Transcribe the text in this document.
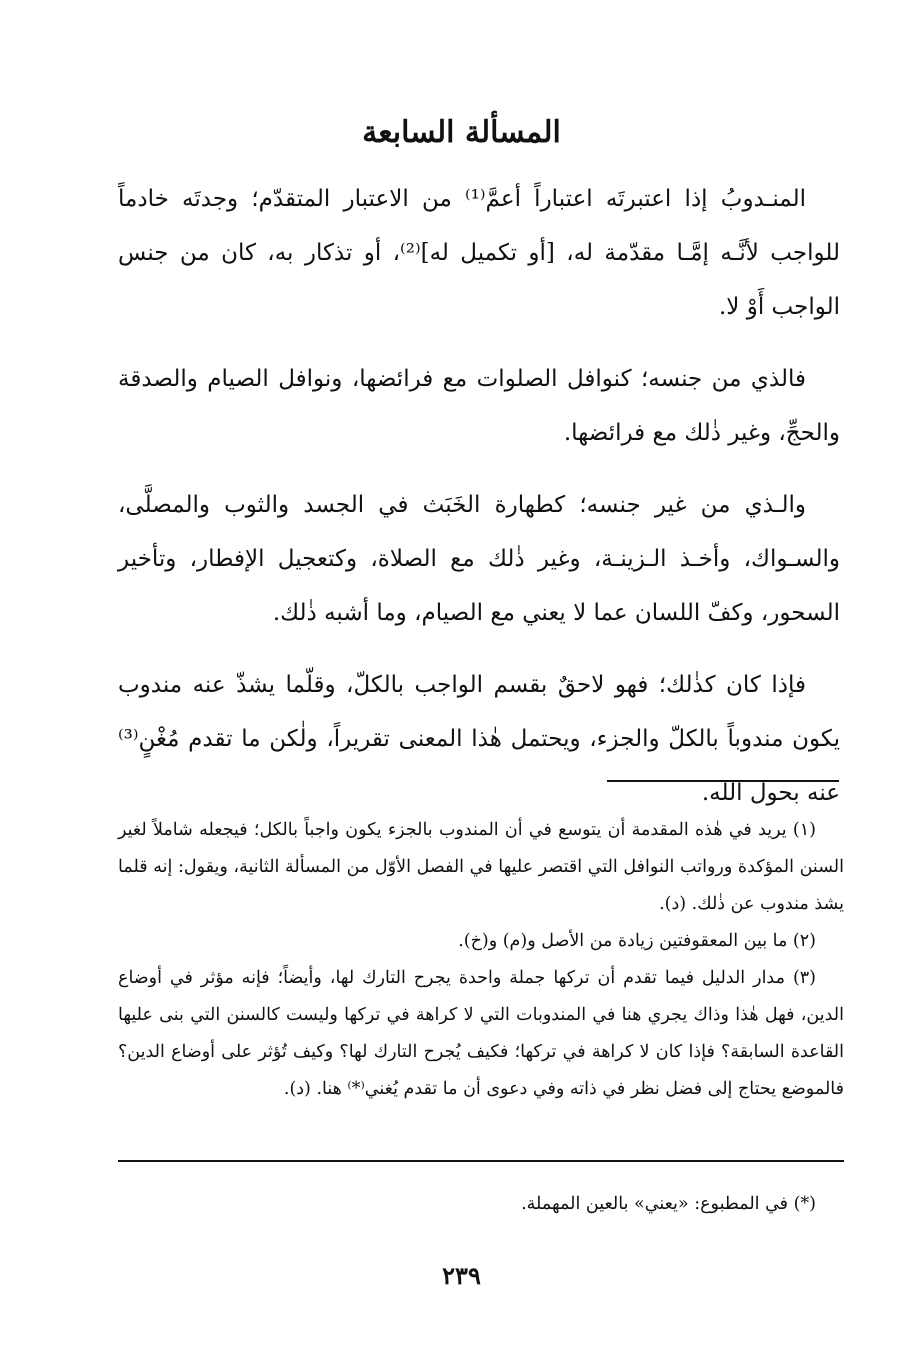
المسألة السابعة

المنـدوبُ إذا اعتبرتَه اعتباراً أعمَّ⁽¹⁾ من الاعتبار المتقدّم؛ وجدتَه خادماً للواجب لأنَّـه إمَّـا مقدّمة له، [أو تكميل له]⁽²⁾، أو تذكار به، كان من جنس الواجب أَوْ لا.

فالذي من جنسه؛ كنوافل الصلوات مع فرائضها، ونوافل الصيام والصدقة والحجِّ، وغير ذٰلك مع فرائضها.

والـذي من غير جنسه؛ كطهارة الخَبَث في الجسد والثوب والمصلَّى، والسـواك، وأخـذ الـزينـة، وغير ذٰلك مع الصلاة، وكتعجيل الإفطار، وتأخير السحور، وكفّ اللسان عما لا يعني مع الصيام، وما أشبه ذٰلك.

فإذا كان كذٰلك؛ فهو لاحقٌ بقسم الواجب بالكلّ، وقلّما يشذّ عنه مندوب يكون مندوباً بالكلّ والجزء، ويحتمل هٰذا المعنى تقريراً، ولٰكن ما تقدم مُغْنٍ⁽³⁾ عنه بحول الله.

(١) يريد في هٰذه المقدمة أن يتوسع في أن المندوب بالجزء يكون واجباً بالكل؛ فيجعله شاملاً لغير السنن المؤكدة ورواتب النوافل التي اقتصر عليها في الفصل الأوّل من المسألة الثانية، ويقول: إنه قلما يشذ مندوب عن ذٰلك. (د).

(٢) ما بين المعقوفتين زيادة من الأصل و(م) و(خ).

(٣) مدار الدليل فيما تقدم أن تركها جملة واحدة يجرح التارك لها، وأيضاً؛ فإنه مؤثر في أوضاع الدين، فهل هٰذا وذاك يجري هنا في المندوبات التي لا كراهة في تركها وليست كالسنن التي بنى عليها القاعدة السابقة؟ فإذا كان لا كراهة في تركها؛ فكيف يُجرح التارك لها؟ وكيف تُؤثر على أوضاع الدين؟ فالموضع يحتاج إلى فضل نظر في ذاته وفي دعوى أن ما تقدم يُغني⁽*⁾ هنا. (د).

(*) في المطبوع: «يعني» بالعين المهملة.

٢٣٩
